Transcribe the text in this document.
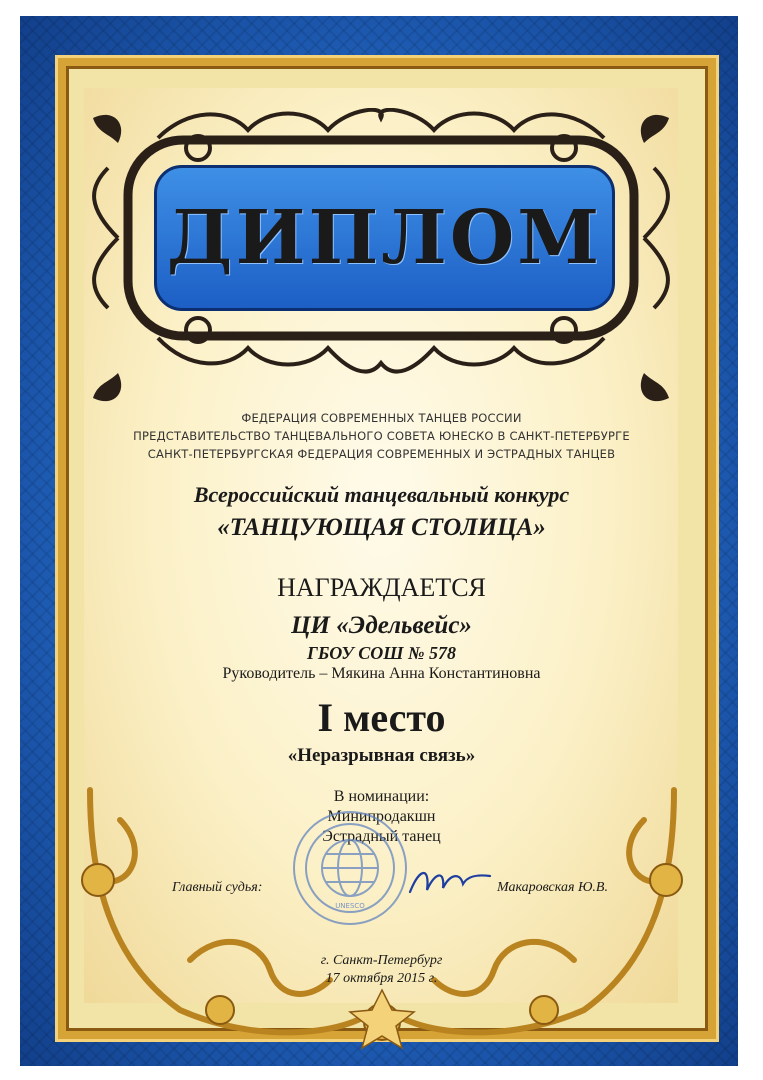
ДИПЛОМ
ФЕДЕРАЦИЯ СОВРЕМЕННЫХ ТАНЦЕВ РОССИИ
ПРЕДСТАВИТЕЛЬСТВО ТАНЦЕВАЛЬНОГО СОВЕТА ЮНЕСКО В САНКТ-ПЕТЕРБУРГЕ
САНКТ-ПЕТЕРБУРГСКАЯ ФЕДЕРАЦИЯ СОВРЕМЕННЫХ И ЭСТРАДНЫХ ТАНЦЕВ
Всероссийский танцевальный конкурс
«ТАНЦУЮЩАЯ СТОЛИЦА»
НАГРАЖДАЕТСЯ
ЦИ «Эдельвейс»
ГБОУ СОШ № 578
Руководитель – Мякина Анна Константиновна
I место
«Неразрывная связь»
В номинации:
Минипродакшн
Эстрадный танец
UNESCO
Главный судья:	Макаровская Ю.В.
г. Санкт-Петербург
17 октября 2015 г.
